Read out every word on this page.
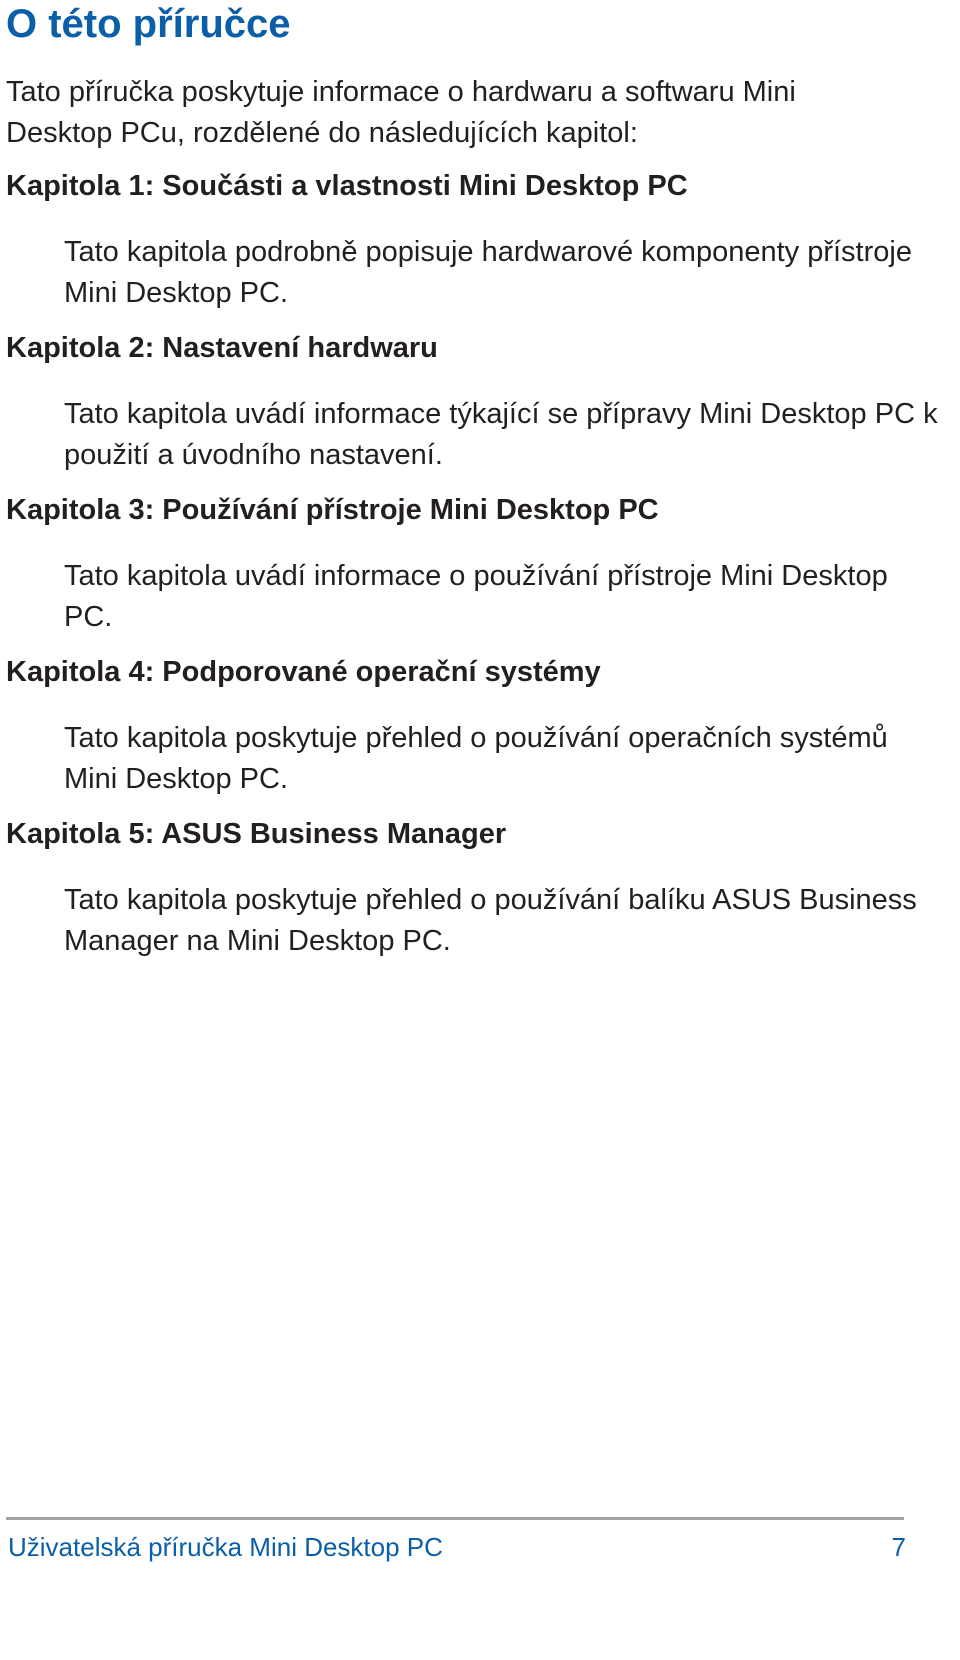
O této příručce

Tato příručka poskytuje informace o hardwaru a softwaru Mini Desktop PCu, rozdělené do následujících kapitol:

Kapitola 1: Součásti a vlastnosti Mini Desktop PC

Tato kapitola podrobně popisuje hardwarové komponenty přístroje Mini Desktop PC.

Kapitola 2: Nastavení hardwaru

Tato kapitola uvádí informace týkající se přípravy Mini Desktop PC k použití a úvodního nastavení.

Kapitola 3: Používání přístroje Mini Desktop PC

Tato kapitola uvádí informace o používání přístroje Mini Desktop PC.

Kapitola 4: Podporované operační systémy

Tato kapitola poskytuje přehled o používání operačních systémů Mini Desktop PC.

Kapitola 5: ASUS Business Manager

Tato kapitola poskytuje přehled o používání balíku ASUS Business Manager na Mini Desktop PC.

Uživatelská příručka Mini Desktop PC	7
